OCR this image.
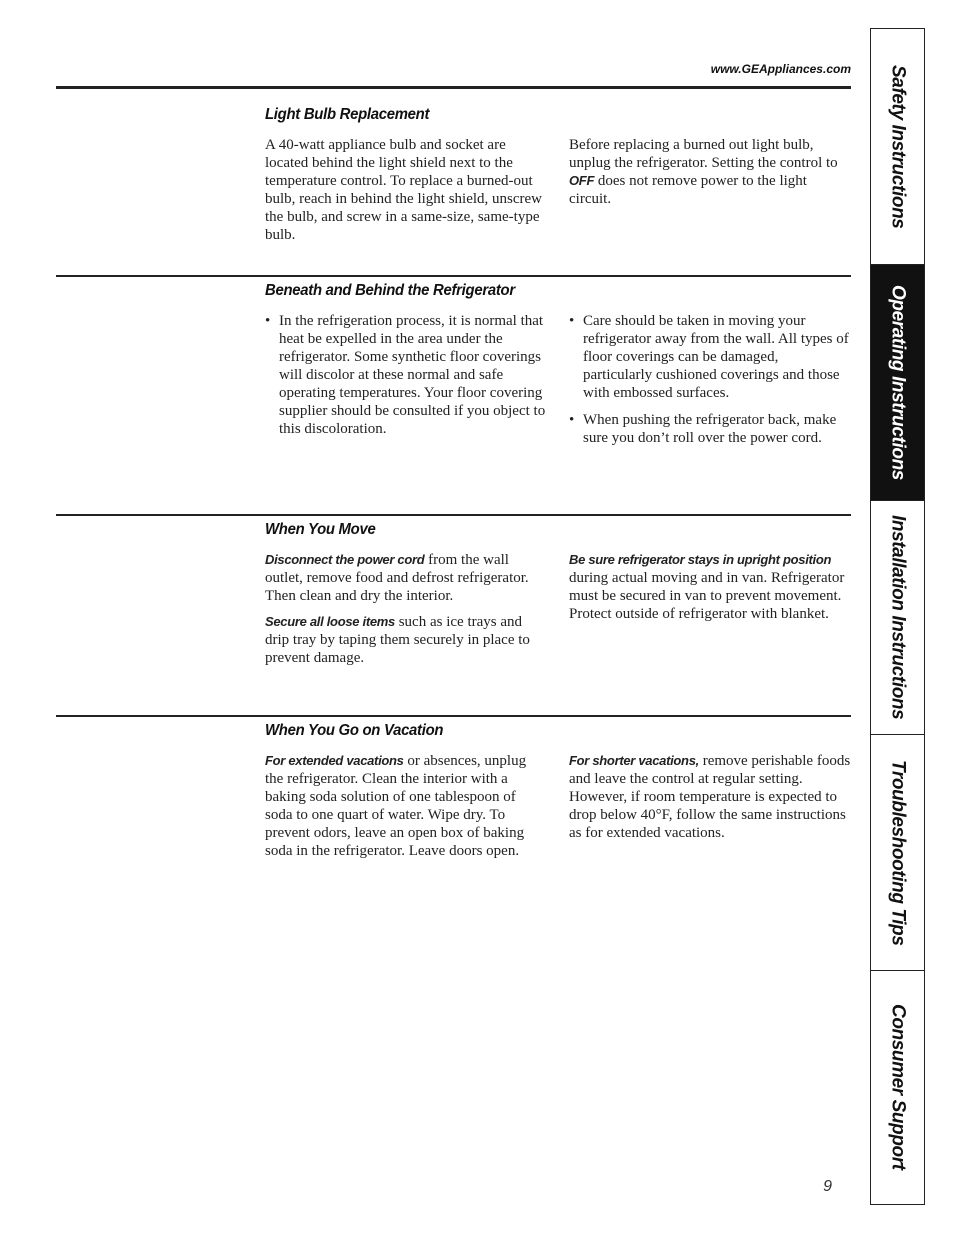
www.GEAppliances.com
Light Bulb Replacement

A 40-watt appliance bulb and socket are located behind the light shield next to the temperature control. To replace a burned-out bulb, reach in behind the light shield, unscrew the bulb, and screw in a same-size, same-type bulb.

Before replacing a burned out light bulb, unplug the refrigerator. Setting the control to OFF does not remove power to the light circuit.

Beneath and Behind the Refrigerator
• In the refrigeration process, it is normal that heat be expelled in the area under the refrigerator. Some synthetic floor coverings will discolor at these normal and safe operating temperatures. Your floor covering supplier should be consulted if you object to this discoloration.
• Care should be taken in moving your refrigerator away from the wall. All types of floor coverings can be damaged, particularly cushioned coverings and those with embossed surfaces.
• When pushing the refrigerator back, make sure you don’t roll over the power cord.
When You Move

Disconnect the power cord from the wall outlet, remove food and defrost refrigerator. Then clean and dry the interior.

Secure all loose items such as ice trays and drip tray by taping them securely in place to prevent damage.

Be sure refrigerator stays in upright position during actual moving and in van. Refrigerator must be secured in van to prevent movement. Protect outside of refrigerator with blanket.

When You Go on Vacation

For extended vacations or absences, unplug the refrigerator. Clean the interior with a baking soda solution of one tablespoon of soda to one quart of water. Wipe dry. To prevent odors, leave an open box of baking soda in the refrigerator. Leave doors open.

For shorter vacations, remove perishable foods and leave the control at regular setting. However, if room temperature is expected to drop below 40°F, follow the same instructions as for extended vacations.

Safety Instructions
Operating Instructions
Installation Instructions
Troubleshooting Tips
Consumer Support
9
